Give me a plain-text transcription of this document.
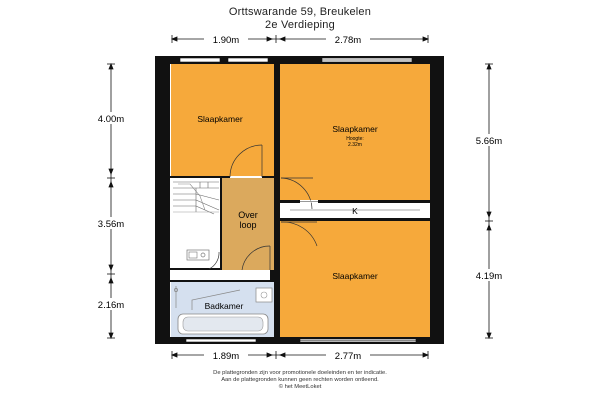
Orttswarande 59, Breukelen
2e Verdieping
1.90m	2.78m
1.89m	2.77m
4.00m
3.56m
2.16m
5.66m
4.19m
Slaapkamer
Slaapkamer
Hoogte:
2.32m
Over
loop
K
Slaapkamer
Badkamer
De plattegronden zijn voor promotionele doeleinden en ter indicatie.
Aan de plattegronden kunnen geen rechten worden ontleend.
© het MeetLoket
